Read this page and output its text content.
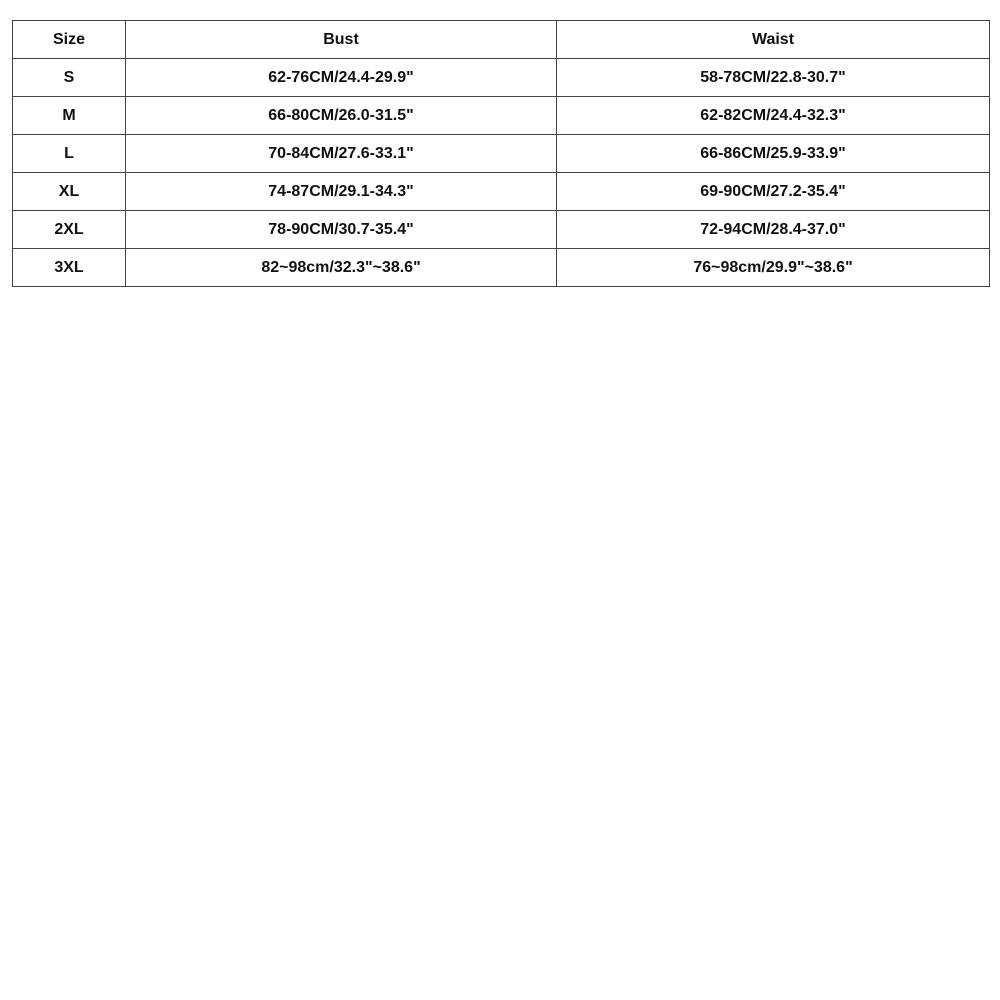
Size	Bust	Waist
S	62-76CM/24.4-29.9"	58-78CM/22.8-30.7"
M	66-80CM/26.0-31.5"	62-82CM/24.4-32.3"
L	70-84CM/27.6-33.1"	66-86CM/25.9-33.9"
XL	74-87CM/29.1-34.3"	69-90CM/27.2-35.4"
2XL	78-90CM/30.7-35.4"	72-94CM/28.4-37.0"
3XL	82~98cm/32.3"~38.6"	76~98cm/29.9"~38.6"
